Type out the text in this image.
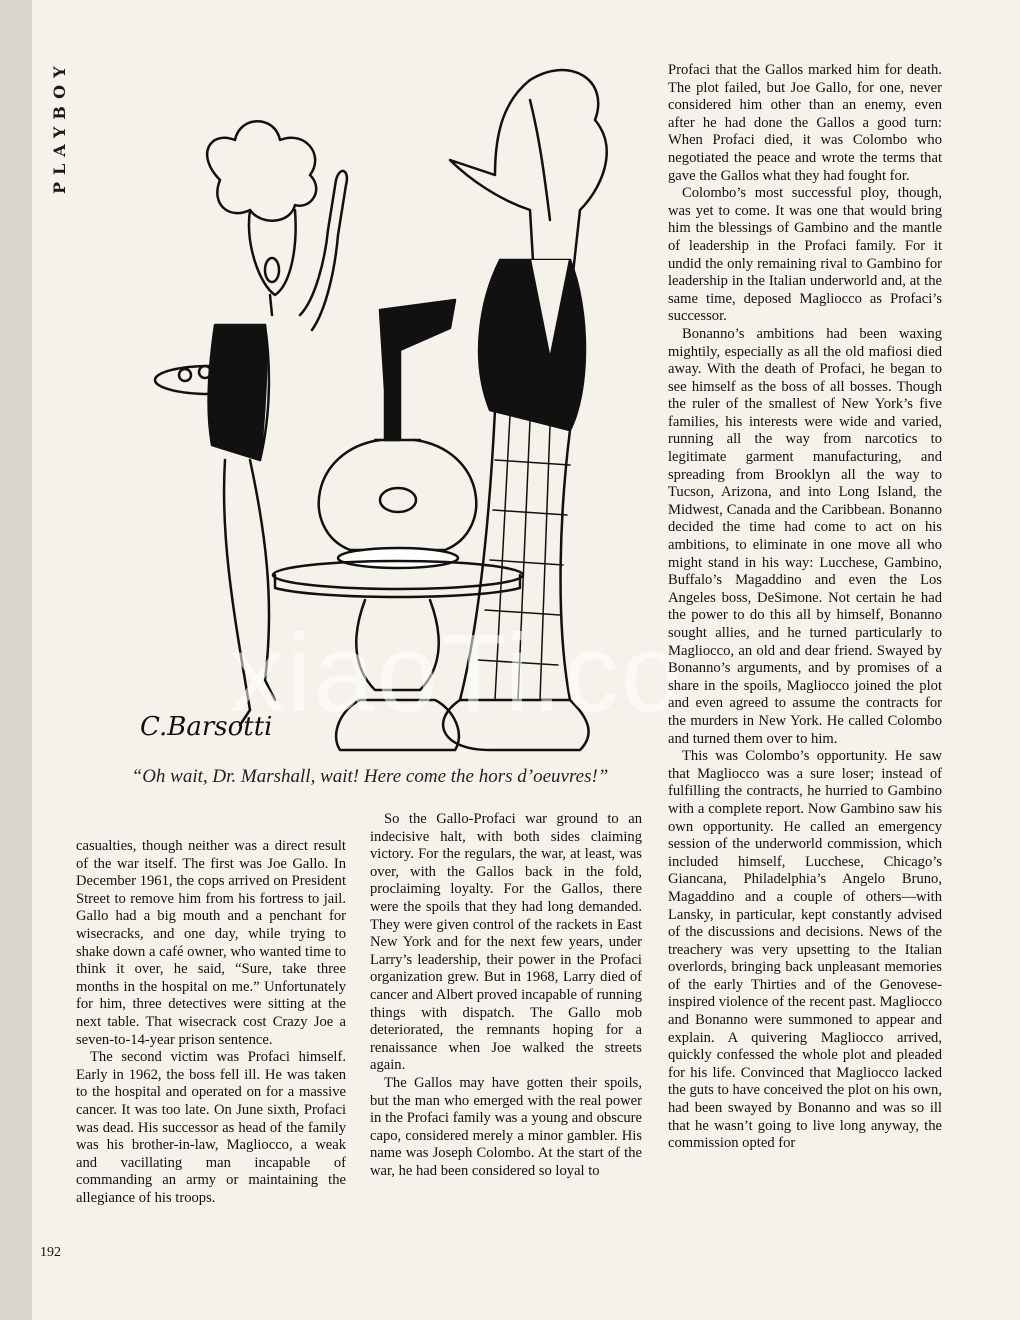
PLAYBOY
C.Barsotti
“Oh wait, Dr. Marshall, wait! Here come the hors d’oeuvres!”
xiaoTi.co

casualties, though neither was a direct result of the war itself. The first was Joe Gallo. In December 1961, the cops arrived on President Street to remove him from his fortress to jail. Gallo had a big mouth and a penchant for wisecracks, and one day, while trying to shake down a café owner, who wanted time to think it over, he said, “Sure, take three months in the hospital on me.” Unfortunately for him, three detectives were sitting at the next table. That wisecrack cost Crazy Joe a seven-to-14-year prison sentence.

The second victim was Profaci himself. Early in 1962, the boss fell ill. He was taken to the hospital and operated on for a massive cancer. It was too late. On June sixth, Profaci was dead. His successor as head of the family was his brother-in-law, Magliocco, a weak and vacillating man incapable of commanding an army or maintaining the allegiance of his troops.

So the Gallo-Profaci war ground to an indecisive halt, with both sides claiming victory. For the regulars, the war, at least, was over, with the Gallos back in the fold, proclaiming loyalty. For the Gallos, there were the spoils that they had long demanded. They were given control of the rackets in East New York and for the next few years, under Larry’s leadership, their power in the Profaci organization grew. But in 1968, Larry died of cancer and Albert proved incapable of running things with dispatch. The Gallo mob deteriorated, the remnants hoping for a renaissance when Joe walked the streets again.

The Gallos may have gotten their spoils, but the man who emerged with the real power in the Profaci family was a young and obscure capo, considered merely a minor gambler. His name was Joseph Colombo. At the start of the war, he had been considered so loyal to

Profaci that the Gallos marked him for death. The plot failed, but Joe Gallo, for one, never considered him other than an enemy, even after he had done the Gallos a good turn: When Profaci died, it was Colombo who negotiated the peace and wrote the terms that gave the Gallos what they had fought for.

Colombo’s most successful ploy, though, was yet to come. It was one that would bring him the blessings of Gambino and the mantle of leadership in the Profaci family. For it undid the only remaining rival to Gambino for leadership in the Italian underworld and, at the same time, deposed Magliocco as Profaci’s successor.

Bonanno’s ambitions had been waxing mightily, especially as all the old mafiosi died away. With the death of Profaci, he began to see himself as the boss of all bosses. Though the ruler of the smallest of New York’s five families, his interests were wide and varied, running all the way from narcotics to legitimate garment manufacturing, and spreading from Brooklyn all the way to Tucson, Arizona, and into Long Island, the Midwest, Canada and the Caribbean. Bonanno decided the time had come to act on his ambitions, to eliminate in one move all who might stand in his way: Lucchese, Gambino, Buffalo’s Magaddino and even the Los Angeles boss, DeSimone. Not certain he had the power to do this all by himself, Bonanno sought allies, and he turned particularly to Magliocco, an old and dear friend. Swayed by Bonanno’s arguments, and by promises of a share in the spoils, Magliocco joined the plot and even agreed to assume the contracts for the murders in New York. He called Colombo and turned them over to him.

This was Colombo’s opportunity. He saw that Magliocco was a sure loser; instead of fulfilling the contracts, he hurried to Gambino with a complete report. Now Gambino saw his own opportunity. He called an emergency session of the underworld commission, which included himself, Lucchese, Chicago’s Giancana, Philadelphia’s Angelo Bruno, Magaddino and a couple of others—with Lansky, in particular, kept constantly advised of the discussions and decisions. News of the treachery was very upsetting to the Italian overlords, bringing back unpleasant memories of the early Thirties and of the Genovese-inspired violence of the recent past. Magliocco and Bonanno were summoned to appear and explain. A quivering Magliocco arrived, quickly confessed the whole plot and pleaded for his life. Convinced that Magliocco lacked the guts to have conceived the plot on his own, had been swayed by Bonanno and was so ill that he wasn’t going to live long anyway, the commission opted for

192
